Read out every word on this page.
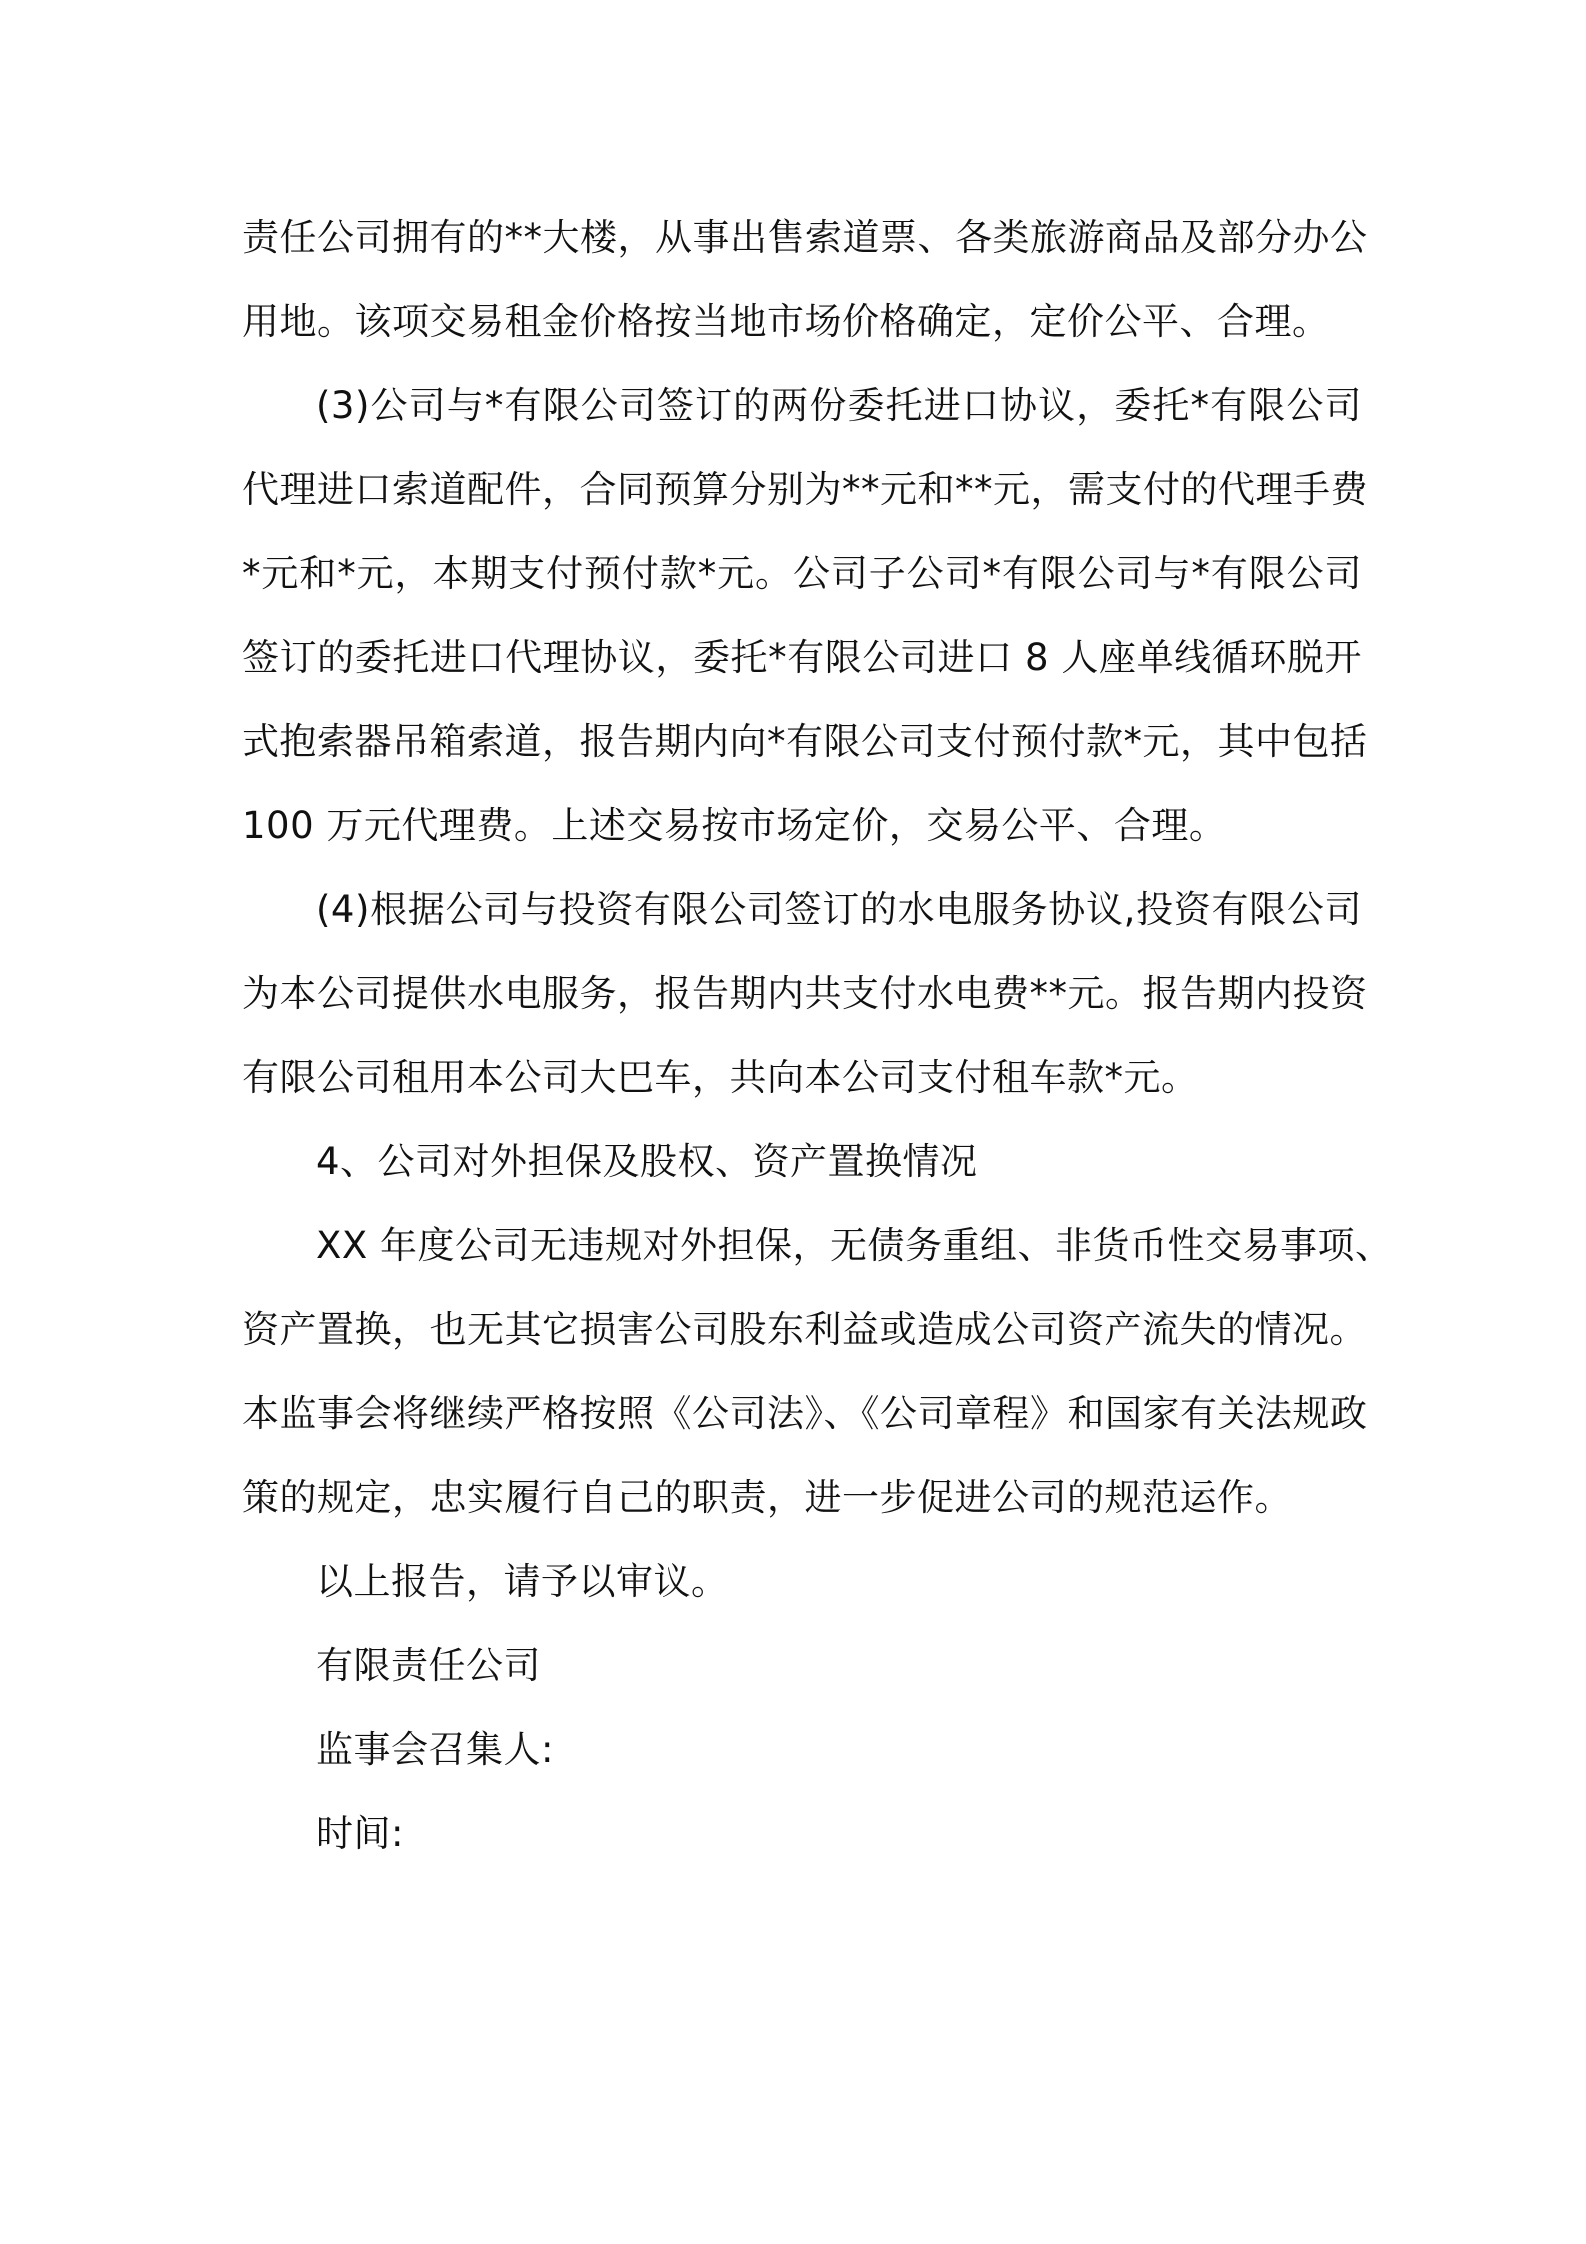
责任公司拥有的**大楼，从事出售索道票、各类旅游商品及部分办公
用地。该项交易租金价格按当地市场价格确定，定价公平、合理。
(3)公司与*有限公司签订的两份委托进口协议，委托*有限公司
代理进口索道配件，合同预算分别为**元和**元，需支付的代理手费
*元和*元，本期支付预付款*元。公司子公司*有限公司与*有限公司
签订的委托进口代理协议，委托*有限公司进口 8 人座单线循环脱开
式抱索器吊箱索道，报告期内向*有限公司支付预付款*元，其中包括
100 万元代理费。上述交易按市场定价，交易公平、合理。
(4)根据公司与投资有限公司签订的水电服务协议,投资有限公司
为本公司提供水电服务，报告期内共支付水电费**元。报告期内投资
有限公司租用本公司大巴车，共向本公司支付租车款*元。
4、公司对外担保及股权、资产置换情况
XX 年度公司无违规对外担保，无债务重组、非货币性交易事项、
资产置换，也无其它损害公司股东利益或造成公司资产流失的情况。
本监事会将继续严格按照《公司法》、《公司章程》和国家有关法规政
策的规定，忠实履行自己的职责，进一步促进公司的规范运作。
以上报告，请予以审议。
有限责任公司
监事会召集人:
时间:
